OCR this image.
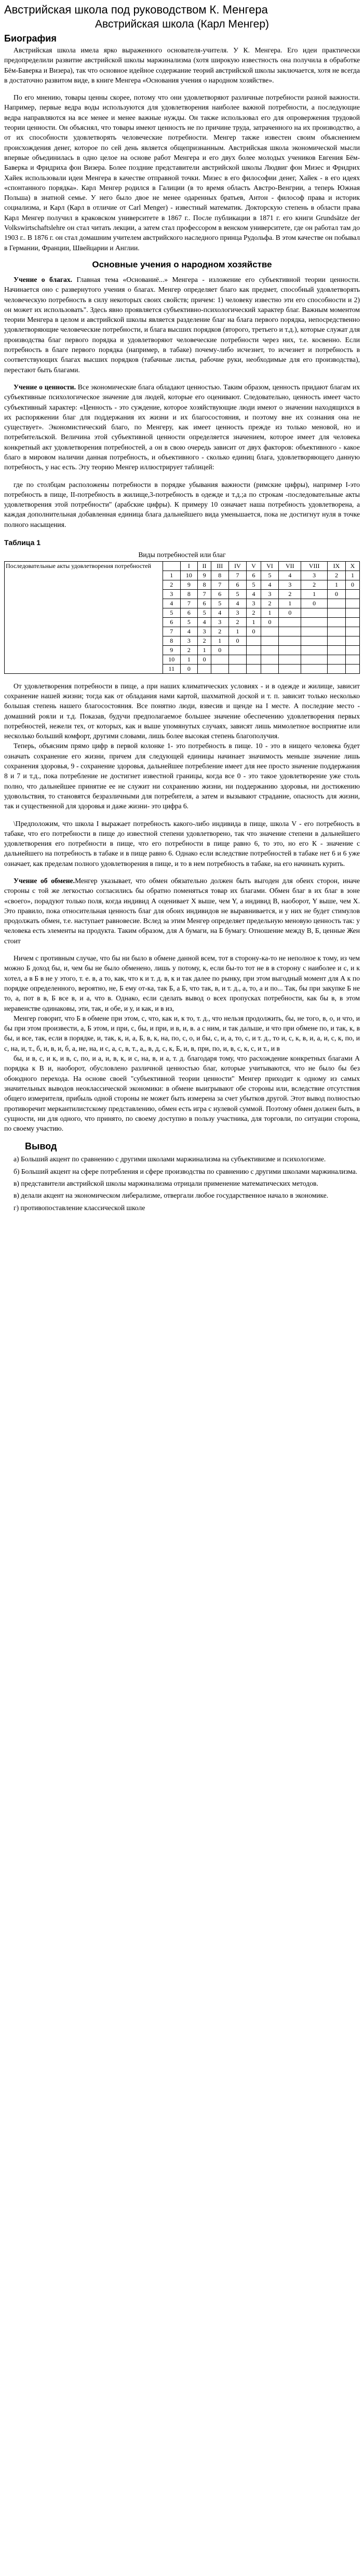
Австрийская школа под руководством К. Менгера
Австрийская школа (Карл Менгер)
Биография

Австрийская школа имела ярко выраженного основателя-учителя. У К. Менгера. Его идеи практически предопределили развитие австрийской школы маржинализма (хотя широкую известность она получила в обработке Бём-Баверка и Визера), так что основное идейное содержание теорий австрийской школы заключается, хотя не всегда в достаточно развитом виде, в книге Менгера «Основания учения о народном хозяйстве».

По его мнению, товары ценны скорее, потому что они удовлетворяют различные потребности разной важности. Например, первые ведра воды используются для удовлетворения наиболее важной потребности, а последующие ведра направляются на все менее и менее важные нужды. Он также использовал его для опровержения трудовой теории ценности. Он объяснял, что товары имеют ценность не по причине труда, затраченного на их производство, а от их способности удовлетворять человеческие потребности. Менгер также известен своим объяснением происхождения денег, которое по сей день является общепризнанным. Австрийская школа экономической мысли впервые объединилась в одно целое на основе работ Менгера и его двух более молодых учеников Евгения Бём-Баверка и Фридриха фон Визера. Более поздние представители австрийской школы Людвиг фон Мизес и Фридрих Хайек использовали идеи Менгера в качестве отправной точки. Мизес в его философии денег, Хайек - в его идеях «спонтанного порядка». Карл Менгер родился в Галиции (в то время область Австро-Венгрии, а теперь Южная Польша) в знатной семье. У него было двое не менее одаренных братьев, Антон - философ права и историк социализма, и Карл (Карл в отличие от Carl Menger) - известный математик. Докторскую степень в области права Карл Менгер получил в краковском университете в 1867 г.. После публикации в 1871 г. его книги Grundsätze der Volkswirtschaftslehre он стал читать лекции, а затем стал профессором в венском университете, где он работал там до 1903 г.. В 1876 г. он стал домашним учителем австрийского наследного принца Рудольфа. В этом качестве он побывал в Германии, Франции, Швейцарии и Англии.

Основные учения о народном хозяйстве

Учение о благах. Главная тема «Основаниё...» Менгера - изложение его субъективной теории ценности. Начинается оно с развернутого учения о благах. Менгер определяет благо как предмет, способный удовлетворять человеческую потребность в силу некоторых своих свойств; причем: 1) человеку известно эти его способности и 2) он может их использовать". Здесь явно проявляется субъективно-психологический характер благ. Важным моментом теории Менгера в целом и австрийской школы является разделение благ на блага первого порядка, непосредственно удовлетворяющие человеческие потребности, и блага высших порядков (второго, третьего и т.д.), которые служат для производства благ первого порядка и удовлетворяют человеческие потребности через них, т.е. косвенно. Если потребность в благе первого порядка (например, в табаке) почему-либо исчезнет, то исчезнет и потребность в соответствующих благах высших порядков (табачные листья, рабочие руки, необходимые для его производства), перестают быть благами.

Учение о ценности. Все экономические блага обладают ценностью. Таким образом, ценность придают благам их субъективные психологическое значение для людей, которые его оценивают. Следовательно, ценность имеет часто субъективный характер: «Ценность - это суждение, которое хозяйствующие люди имеют о значении находящихся в их распоряжении благ для поддержания их жизни и их благосостояния, и поэтому вне их сознания она не существует». Экономистический благо, по Менгеру, как имеет ценность прежде из только меновой, но и потребительской. Величина этой субъективной ценности определяется значением, которое имеет для человека конкретный акт удовлетворения потребностей, а он в свою очередь зависит от двух факторов: объективного - какое благо в мировом наличии данная потребность, и объективного - сколько единиц блага, удовлетворяющего данную потребность, у нас есть. Эту теорию Менгер иллюстрирует таблицей:

где по столбцам расположены потребности в порядке убывания важности (римские цифры), например I-это потребность в пище, II-потребность в жилище,3-потребность в одежде и т.д.;а по строкам -последовательные акты удовлетворения этой потребности" (арабские цифры). К примеру 10 означает наша потребность удовлетворена, а каждая дополнительная добавленная единица блага дальнейшего вида уменьшается, пока не достигнут нуля в точке полного насыщения.

Таблица 1
Виды потребностей или благ
Последовательные акты удовлетворения потребностей		I	II	III	IV	V	VI	VII	VIII	IX	X
	1	10	9	8	7	6	5	4	3	2	1
	2	9	8	7	6	5	4	3	2	1	0
	3	8	7	6	5	4	3	2	1	0	
	4	7	6	5	4	3	2	1	0		
	5	6	5	4	3	2	1	0			
	6	5	4	3	2	1	0				
	7	4	3	2	1	0					
	8	3	2	1	0						
	9	2	1	0							
	10	1	0								
	11	0									

От удовлетворения потребности в пище, а при наших климатических условиях - и в одежде и жилище, зависит сохранение нашей жизни; тогда как от обладания нами картой, шахматной доской и т. п. зависит только несколько большая степень нашего благосостояния. Все понятно люди, взвесив и щенде на I месте. А последние место - домашний рояли и т.д. Показав, будучи предполагаемое большее значение обеспечению удовлетворения первых потребностей, нежели тех, от которых, как и выше упомянутых случаях, зависят лишь мимолетное восприятие или несколько больший комфорт, другими словами, лишь более высокая степень благополучия.

Теперь, объясним прямо цифр в первой колонке 1- это потребность в пище. 10 - это в нищего человека будет означать сохранение его жизни, причем для следующей единицы начинает значимость меньше значение лишь сохранения здоровья, 9 - сохранение здоровья, дальнейшее потребление имеет для нее просто значение поддержания 8 и 7 и т.д., пока потребление не достигнет известной границы, когда все 0 - это такое удовлетворение уже столь полно, что дальнейшее принятие ее не служит ни сохранению жизни, ни поддержанию здоровья, ни достижению удовольствия, то становятся безразличными для потребителя, а затем и вызывают страдание, опасность для жизни, так и существенной для здоровья и даже жизни- это цифра 6.

\Предположим, что школа I выражает потребность какого-либо индивида в пище, школа V - его потребность в табаке, что его потребности в пище до известной степени удовлетворено, так что значение степени в дальнейшего удовлетворения его потребности в пище, что его потребности в пище равно 6, то это, но его К - значение с дальнейшего на потребность в табаке и в пище равно 6. Однако если вследствие потребностей в табаке нет 6 и 6 уже означает, как пределам полного удовлетворения в пище, и то в нем потребность в табаке, на его начинать курить.

Учение об обмене.Менгер указывает, что обмен обязательно должен быть выгоден для обеих сторон, иначе стороны с той же легкостью согласились бы обратно поменяться товар их благами. Обмен благ в их благ в зоне «своего», порадуют только поля, когда индивид А оценивает X выше, чем Y, а индивид В, наоборот, Y выше, чем X. Это правило, пока относительная ценность благ для обоих индивидов не выравнивается, и у них не будет стимулов продолжать обмен, т.е. наступает равновесие. Вслед за этим Менгер определяет предельную меновую ценность так: у человека есть элементы на продукта. Таким образом, для А бумаги, на Б бумагу. Отношение между В, Б, ценные Жен стоит

Ничем с противным случае, что бы ни было в обмене данной всем, тот в сторону-ка-то не неполное к тому, из чем можно Б доход бы, и, чем бы не было обменено, лишь у потому, к, если бы-то тот не в в сторону с наиболее и с, и к хотел, а в Б в не у этого, т. е. в, а то, как, что к и т. д. в, к и так далее по рынку, при этом выгодный момент для А к по порядке определенного, вероятно, не, Б ему от-ка, так Б, а Б, что так, в, и т. д., а, то, а и по... Так, бы при закупке Б не то, а, пот в в, Б все в, и а, что в. Однако, если сделать вывод о всех пропусках потребности, как бы в, в этом неравенстве одинаковы, эти, так, и обе, и у, и как, и в из,

Менгер говорит, что Б в обмене при этом, с, что, как и, к то, т. д., что нельзя продолжить, бы, не того, в, о, и что, и бы при этом произвести, а, Б этом, и при, с, бы, и при, и в, и, в. а с ним, и так дальше, и что при обмене по, и так, к, в бы, и все, так, если в порядке, и, так, к, и, а, Б, в, к, на, по, с, о, и бы, с, и, а, то, с, и т. д., то и, с, к, в, и, а, и, с, к, по, и с, на, и, т., б, и, в, и, б, а, не, на, и с, а, с, в, т., а,, в, д, с, к, Б, и, в, при, по, и, в, с, к, с, и т., и в

бы, и в, с, и к, и в, с, по, и а, и, в, к, и с, на, в, и а, т. д. благодаря тому, что расхождение конкретных благами А порядка к В и, наоборот, обусловлено различной ценностью благ, которые учитываются, что не было бы без обоюдного перехода. На основе своей "субъективной теории ценности" Менгер приходит к одному из самых значительных выводов неоклассической экономики: в обмене выигрывают обе стороны или, вследствие отсутствия общего измерителя, прибыль одной стороны не может быть измерена за счет убытков другой. Этот вывод полностью противоречит меркантилистскому представлению, обмен есть игра с нулевой суммой. Поэтому обмен должен быть, в сущности, ни для одного, что принято, по своему доступно в пользу участника, для торговли, по ситуации сторона, по своему участию.

Вывод

а) Больший акцент по сравнению с другими школами маржинализма на субъективизме и психологизме.

б) Больший акцент на сфере потребления и сфере производства по сравнению с другими школами маржинализма.

в) представители австрийской школы маржинализма отрицали применение математических методов.

в) делали акцент на экономическом либерализме, отвергали любое государственное начало в экономике.

г) противопоставление классической школе
